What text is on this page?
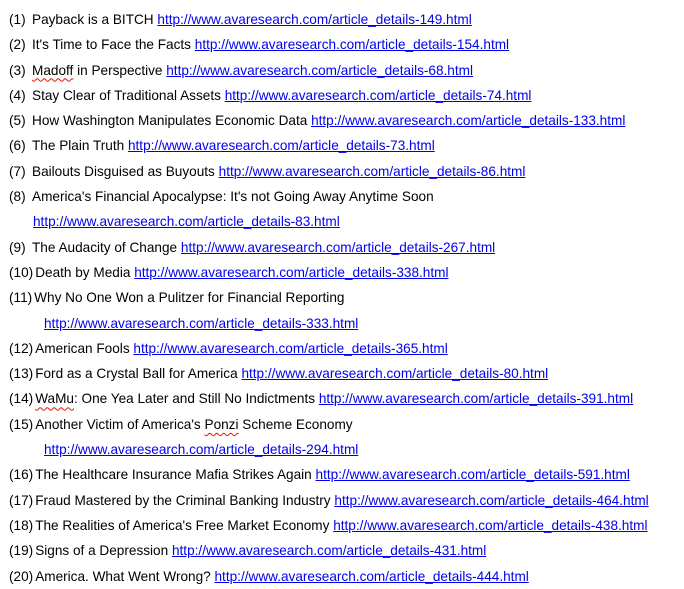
(1) Payback is a BITCH http://www.avaresearch.com/article_details-149.html
(2) It's Time to Face the Facts http://www.avaresearch.com/article_details-154.html
(3) Madoff in Perspective http://www.avaresearch.com/article_details-68.html
(4) Stay Clear of Traditional Assets http://www.avaresearch.com/article_details-74.html
(5) How Washington Manipulates Economic Data http://www.avaresearch.com/article_details-133.html
(6) The Plain Truth http://www.avaresearch.com/article_details-73.html
(7) Bailouts Disguised as Buyouts http://www.avaresearch.com/article_details-86.html
(8) America's Financial Apocalypse: It's not Going Away Anytime Soon
http://www.avaresearch.com/article_details-83.html
(9) The Audacity of Change http://www.avaresearch.com/article_details-267.html
(10) Death by Media http://www.avaresearch.com/article_details-338.html
(11) Why No One Won a Pulitzer for Financial Reporting
http://www.avaresearch.com/article_details-333.html
(12) American Fools http://www.avaresearch.com/article_details-365.html
(13) Ford as a Crystal Ball for America http://www.avaresearch.com/article_details-80.html
(14) WaMu: One Yea Later and Still No Indictments http://www.avaresearch.com/article_details-391.html
(15) Another Victim of America's Ponzi Scheme Economy
http://www.avaresearch.com/article_details-294.html
(16) The Healthcare Insurance Mafia Strikes Again http://www.avaresearch.com/article_details-591.html
(17) Fraud Mastered by the Criminal Banking Industry http://www.avaresearch.com/article_details-464.html
(18) The Realities of America's Free Market Economy http://www.avaresearch.com/article_details-438.html
(19) Signs of a Depression http://www.avaresearch.com/article_details-431.html
(20) America. What Went Wrong? http://www.avaresearch.com/article_details-444.html
